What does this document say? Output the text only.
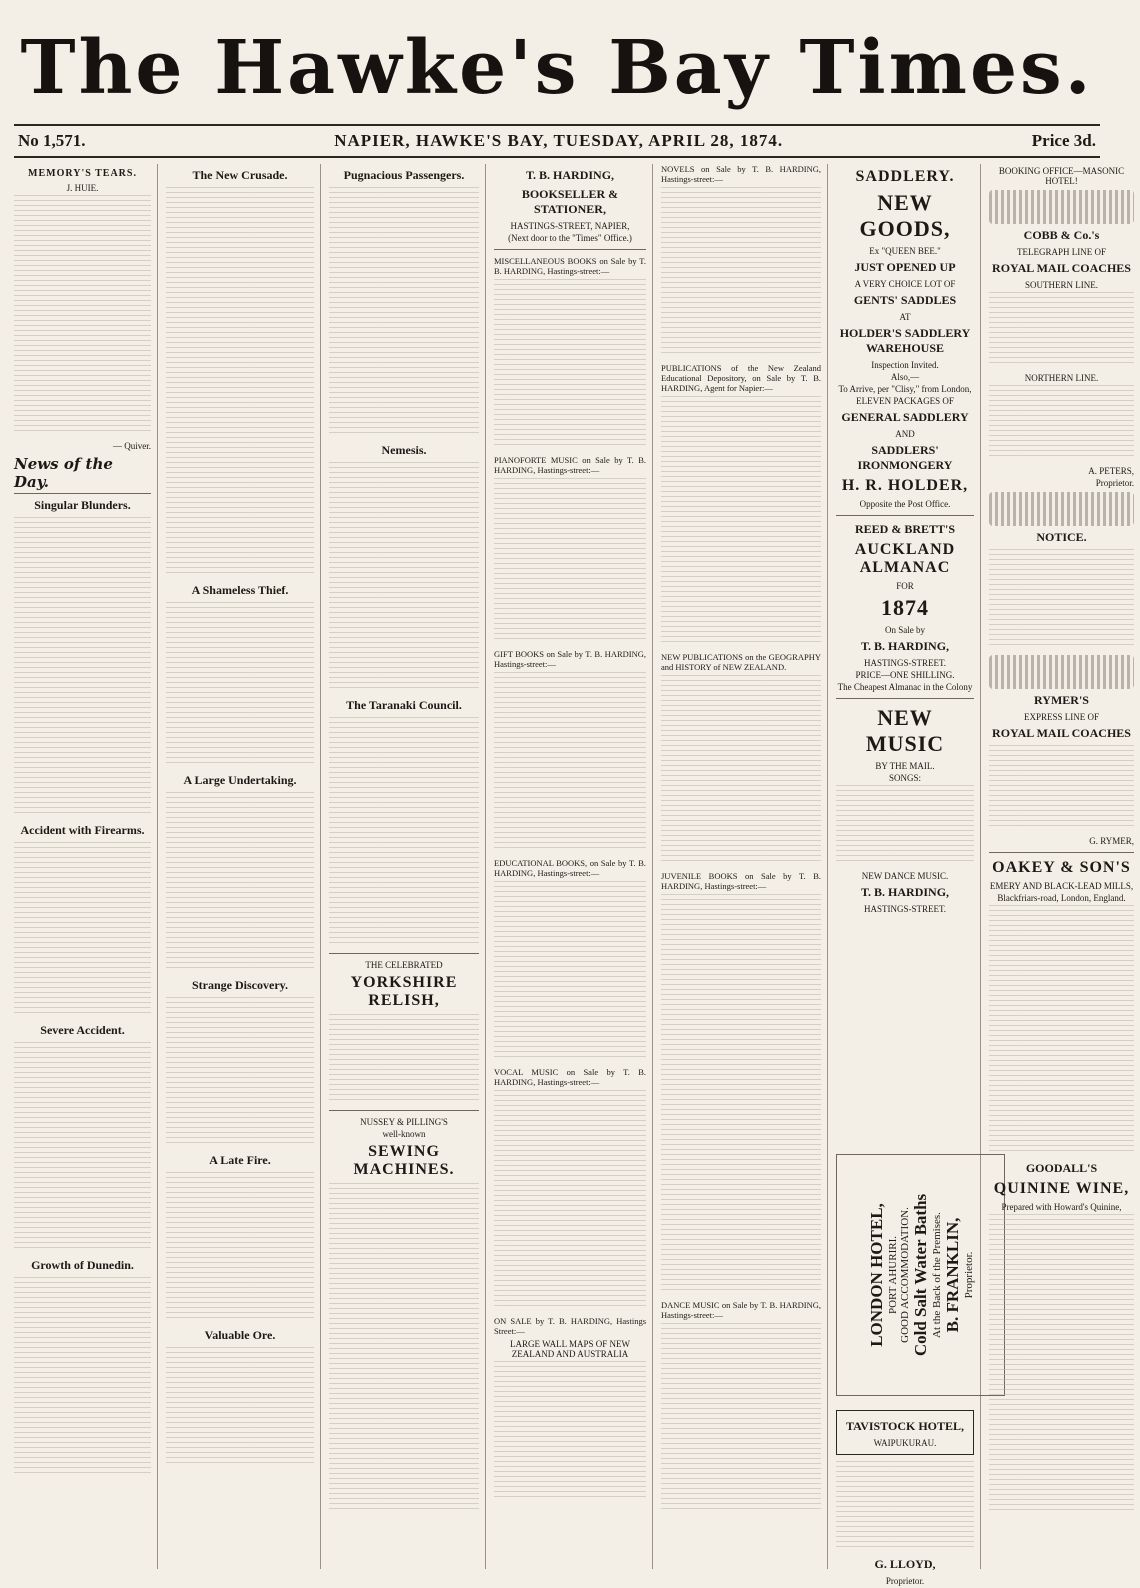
The Hawke's Bay Times.
No 1,571.	NAPIER, HAWKE'S BAY, TUESDAY, APRIL 28, 1874.	Price 3d.
MEMORY'S TEARS.
J. HUIE.
— Quiver.
News of the Day.
Singular Blunders.
Accident with Firearms.
Severe Accident.
Growth of Dunedin.
The New Crusade.
A Shameless Thief.
A Large Undertaking.
Strange Discovery.
A Late Fire.
Valuable Ore.
Pugnacious Passengers.
Nemesis.
The Taranaki Council.
THE CELEBRATED
YORKSHIRE RELISH,
NUSSEY & PILLING'S
well-known
SEWING MACHINES.
T. B. HARDING,
BOOKSELLER & STATIONER,
HASTINGS-STREET, NAPIER,
(Next door to the "Times" Office.)

MISCELLANEOUS BOOKS on Sale by T. B. HARDING, Hastings-street:—

PIANOFORTE MUSIC on Sale by T. B. HARDING, Hastings-street:—

GIFT BOOKS on Sale by T. B. HARDING, Hastings-street:—

EDUCATIONAL BOOKS, on Sale by T. B. HARDING, Hastings-street:—

VOCAL MUSIC on Sale by T. B. HARDING, Hastings-street:—

ON SALE by T. B. HARDING, Hastings Street:—

LARGE WALL MAPS OF NEW ZEALAND AND AUSTRALIA

NOVELS on Sale by T. B. HARDING, Hastings-street:—

PUBLICATIONS of the New Zealand Educational Depository, on Sale by T. B. HARDING, Agent for Napier:—

NEW PUBLICATIONS on the GEOGRAPHY and HISTORY of NEW ZEALAND.

JUVENILE BOOKS on Sale by T. B. HARDING, Hastings-street:—

DANCE MUSIC on Sale by T. B. HARDING, Hastings-street:—

SADDLERY.
NEW GOODS,
Ex "QUEEN BEE."
JUST OPENED UP
A VERY CHOICE LOT OF
GENTS' SADDLES
AT
HOLDER'S SADDLERY WAREHOUSE
Inspection Invited.
Also,—
To Arrive, per "Clisy," from London,
ELEVEN PACKAGES OF
GENERAL SADDLERY
AND
SADDLERS' IRONMONGERY
H. R. HOLDER,
Opposite the Post Office.
REED & BRETT'S
AUCKLAND ALMANAC
FOR
1874
On Sale by
T. B. HARDING,
HASTINGS-STREET.
PRICE—ONE SHILLING.
The Cheapest Almanac in the Colony
NEW MUSIC
BY THE MAIL.
SONGS:
NEW DANCE MUSIC.
T. B. HARDING,
HASTINGS-STREET.
LONDON HOTEL, PORT AHURIRI. GOOD ACCOMMODATION. Cold Salt Water Baths At the Back of the Premises. B. FRANKLIN, Proprietor.
TAVISTOCK HOTEL,
WAIPUKURAU.
G. LLOYD,
Proprietor.
BOOKING OFFICE—MASONIC HOTEL!
COBB & Co.'s
TELEGRAPH LINE OF
ROYAL MAIL COACHES
SOUTHERN LINE.
NORTHERN LINE.
A. PETERS,
Proprietor.
NOTICE.
RYMER'S
EXPRESS LINE OF
ROYAL MAIL COACHES
G. RYMER,
OAKEY & SON'S
EMERY AND BLACK-LEAD MILLS,
Blackfriars-road, London, England.
GOODALL'S
QUININE WINE,
Prepared with Howard's Quinine,
